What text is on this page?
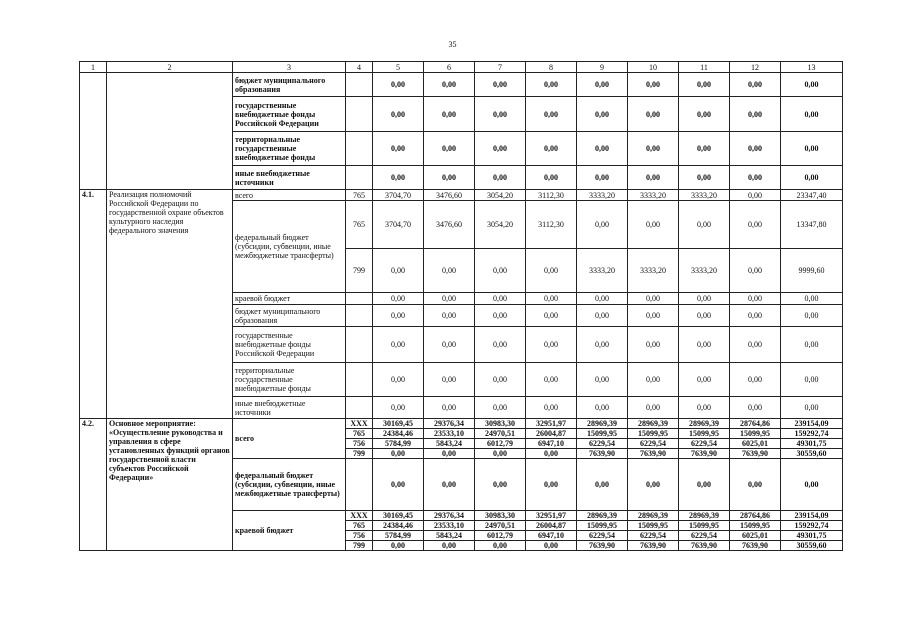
35
1	2	3	4	5	6	7	8	9	10	11	12	13
		бюджет муниципального образования		0,00	0,00	0,00	0,00	0,00	0,00	0,00	0,00	0,00
		государственные внебюджетные фонды Российской Федерации		0,00	0,00	0,00	0,00	0,00	0,00	0,00	0,00	0,00
		территориальные государственные внебюджетные фонды		0,00	0,00	0,00	0,00	0,00	0,00	0,00	0,00	0,00
		иные внебюджетные источники		0,00	0,00	0,00	0,00	0,00	0,00	0,00	0,00	0,00
4.1.	Реализация полномочий Российской Федерации по государственной охране объектов культурного наследия федерального значения	всего	765	3704,70	3476,60	3054,20	3112,30	3333,20	3333,20	3333,20	0,00	23347,40
		федеральный бюджет (субсидии, субвенции, иные межбюджетные трансферты)	765	3704,70	3476,60	3054,20	3112,30	0,00	0,00	0,00	0,00	13347,80
			799	0,00	0,00	0,00	0,00	3333,20	3333,20	3333,20	0,00	9999,60
		краевой бюджет		0,00	0,00	0,00	0,00	0,00	0,00	0,00	0,00	0,00
		бюджет муниципального образования		0,00	0,00	0,00	0,00	0,00	0,00	0,00	0,00	0,00
		государственные внебюджетные фонды Российской Федерации		0,00	0,00	0,00	0,00	0,00	0,00	0,00	0,00	0,00
		территориальные государственные внебюджетные фонды		0,00	0,00	0,00	0,00	0,00	0,00	0,00	0,00	0,00
		иные внебюджетные источники		0,00	0,00	0,00	0,00	0,00	0,00	0,00	0,00	0,00
4.2.	Основное мероприятие: «Осуществление руководства и управления в сфере установленных функций органов государственной власти субъектов Российской Федерации»	всего	XXX	30169,45	29376,34	30983,30	32951,97	28969,39	28969,39	28969,39	28764,86	239154,09
			765	24384,46	23533,10	24970,51	26004,87	15099,95	15099,95	15099,95	15099,95	159292,74
			756	5784,99	5843,24	6012,79	6947,10	6229,54	6229,54	6229,54	6025,01	49301,75
			799	0,00	0,00	0,00	0,00	7639,90	7639,90	7639,90	7639,90	30559,60
		федеральный бюджет (субсидии, субвенции, иные межбюджетные трансферты)		0,00	0,00	0,00	0,00	0,00	0,00	0,00	0,00	0,00
		краевой бюджет	XXX	30169,45	29376,34	30983,30	32951,97	28969,39	28969,39	28969,39	28764,86	239154,09
			765	24384,46	23533,10	24970,51	26004,87	15099,95	15099,95	15099,95	15099,95	159292,74
			756	5784,99	5843,24	6012,79	6947,10	6229,54	6229,54	6229,54	6025,01	49301,75
			799	0,00	0,00	0,00	0,00	7639,90	7639,90	7639,90	7639,90	30559,60
